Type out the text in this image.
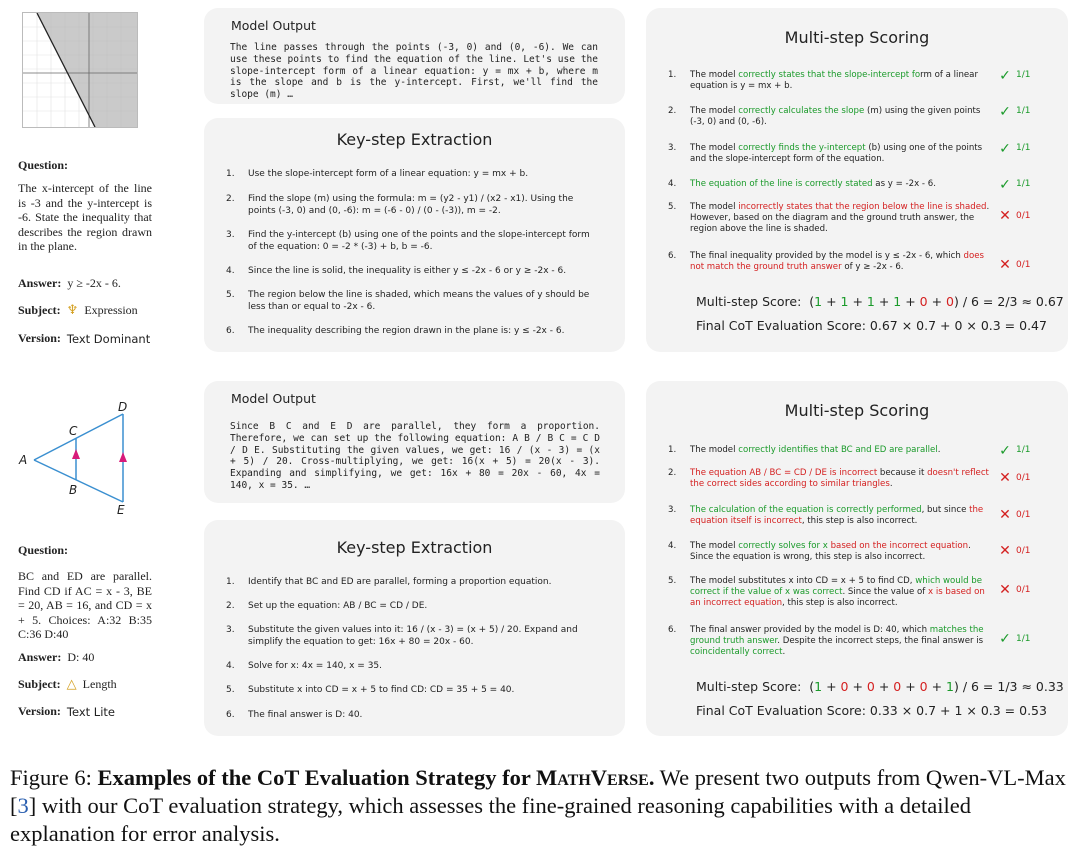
Question:
The x-intercept of the line is -3 and the y-intercept is -6. State the inequality that describes the region drawn in the plane.
Answer: y ≥ -2x - 6.
Subject: ♆ Expression
Version: Text Dominant
Model Output
The line passes through the points (-3, 0) and (0, -6). We can use these points to find the equation of the line. Let's use the slope-intercept form of a linear equation: y = mx + b, where m is the slope and b is the y-intercept. First, we'll find the slope (m) …
Key-step Extraction
1.	Use the slope-intercept form of a linear equation: y = mx + b.
2.	Find the slope (m) using the formula: m = (y2 - y1) / (x2 - x1). Using the points (-3, 0) and (0, -6): m = (-6 - 0) / (0 - (-3)), m = -2.
3.	Find the y-intercept (b) using one of the points and the slope-intercept form of the equation: 0 = -2 * (-3) + b, b = -6.
4.	Since the line is solid, the inequality is either y ≤ -2x - 6 or y ≥ -2x - 6.
5.	The region below the line is shaded, which means the values of y should be less than or equal to -2x - 6.
6.	The inequality describing the region drawn in the plane is: y ≤ -2x - 6.
Multi-step Scoring
1.	The model correctly states that the slope-intercept form of a linear equation is y = mx + b.
✓ 1/1
2.	The model correctly calculates the slope (m) using the given points (-3, 0) and (0, -6).
✓ 1/1
3.	The model correctly finds the y-intercept (b) using one of the points and the slope-intercept form of the equation.
✓ 1/1
4.	The equation of the line is correctly stated as y = -2x - 6.	✓ 1/1
5.	The model incorrectly states that the region below the line is shaded. However, based on the diagram and the ground truth answer, the region above the line is shaded.
✕ 0/1
6.	The final inequality provided by the model is y ≤ -2x - 6, which does not match the ground truth answer of y ≥ -2x - 6.	✕ 0/1
Multi-step Score:  (1 + 1 + 1 + 1 + 0 + 0) / 6 = 2/3 ≈ 0.67
Final CoT Evaluation Score: 0.67 × 0.7 + 0 × 0.3 = 0.47
A
B
C
D
E
Question:
BC and ED are parallel. Find CD if AC = x - 3, BE = 20, AB = 16, and CD = x + 5. Choices: A:32 B:35 C:36 D:40
Answer: D: 40
Subject: △ Length
Version: Text Lite
Model Output
Since B C and E D are parallel, they form a proportion. Therefore, we can set up the following equation: A B / B C = C D / D E. Substituting the given values, we get: 16 / (x - 3) = (x + 5) / 20. Cross-multiplying, we get: 16(x + 5) = 20(x - 3). Expanding and simplifying, we get: 16x + 80 = 20x - 60, 4x = 140, x = 35. …
Key-step Extraction
1.	Identify that BC and ED are parallel, forming a proportion equation.
2.	Set up the equation: AB / BC = CD / DE.
3.	Substitute the given values into it: 16 / (x - 3) = (x + 5) / 20. Expand and simplify the equation to get: 16x + 80 = 20x - 60.
4.	Solve for x: 4x = 140, x = 35.
5.	Substitute x into CD = x + 5 to find CD: CD = 35 + 5 = 40.
6.	The final answer is D: 40.
Multi-step Scoring
1.	The model correctly identifies that BC and ED are parallel.	✓ 1/1
2.	The equation AB / BC = CD / DE is incorrect because it doesn't reflect the correct sides according to similar triangles.	✕ 0/1
3.	The calculation of the equation is correctly performed, but since the equation itself is incorrect, this step is also incorrect.	✕ 0/1
4.	The model correctly solves for x based on the incorrect equation. Since the equation is wrong, this step is also incorrect.	✕ 0/1
5.	The model substitutes x into CD = x + 5 to find CD, which would be correct if the value of x was correct. Since the value of x is based on an incorrect equation, this step is also incorrect.
✕ 0/1
6.	The final answer provided by the model is D: 40, which matches the ground truth answer. Despite the incorrect steps, the final answer is coincidentally correct.
✓ 1/1
Multi-step Score:  (1 + 0 + 0 + 0 + 0 + 1) / 6 = 1/3 ≈ 0.33
Final CoT Evaluation Score: 0.33 × 0.7 + 1 × 0.3 = 0.53
Figure 6: Examples of the CoT Evaluation Strategy for MathVerse. We present two outputs from Qwen-VL-Max [3] with our CoT evaluation strategy, which assesses the fine-grained reasoning capabilities with a detailed explanation for error analysis.
